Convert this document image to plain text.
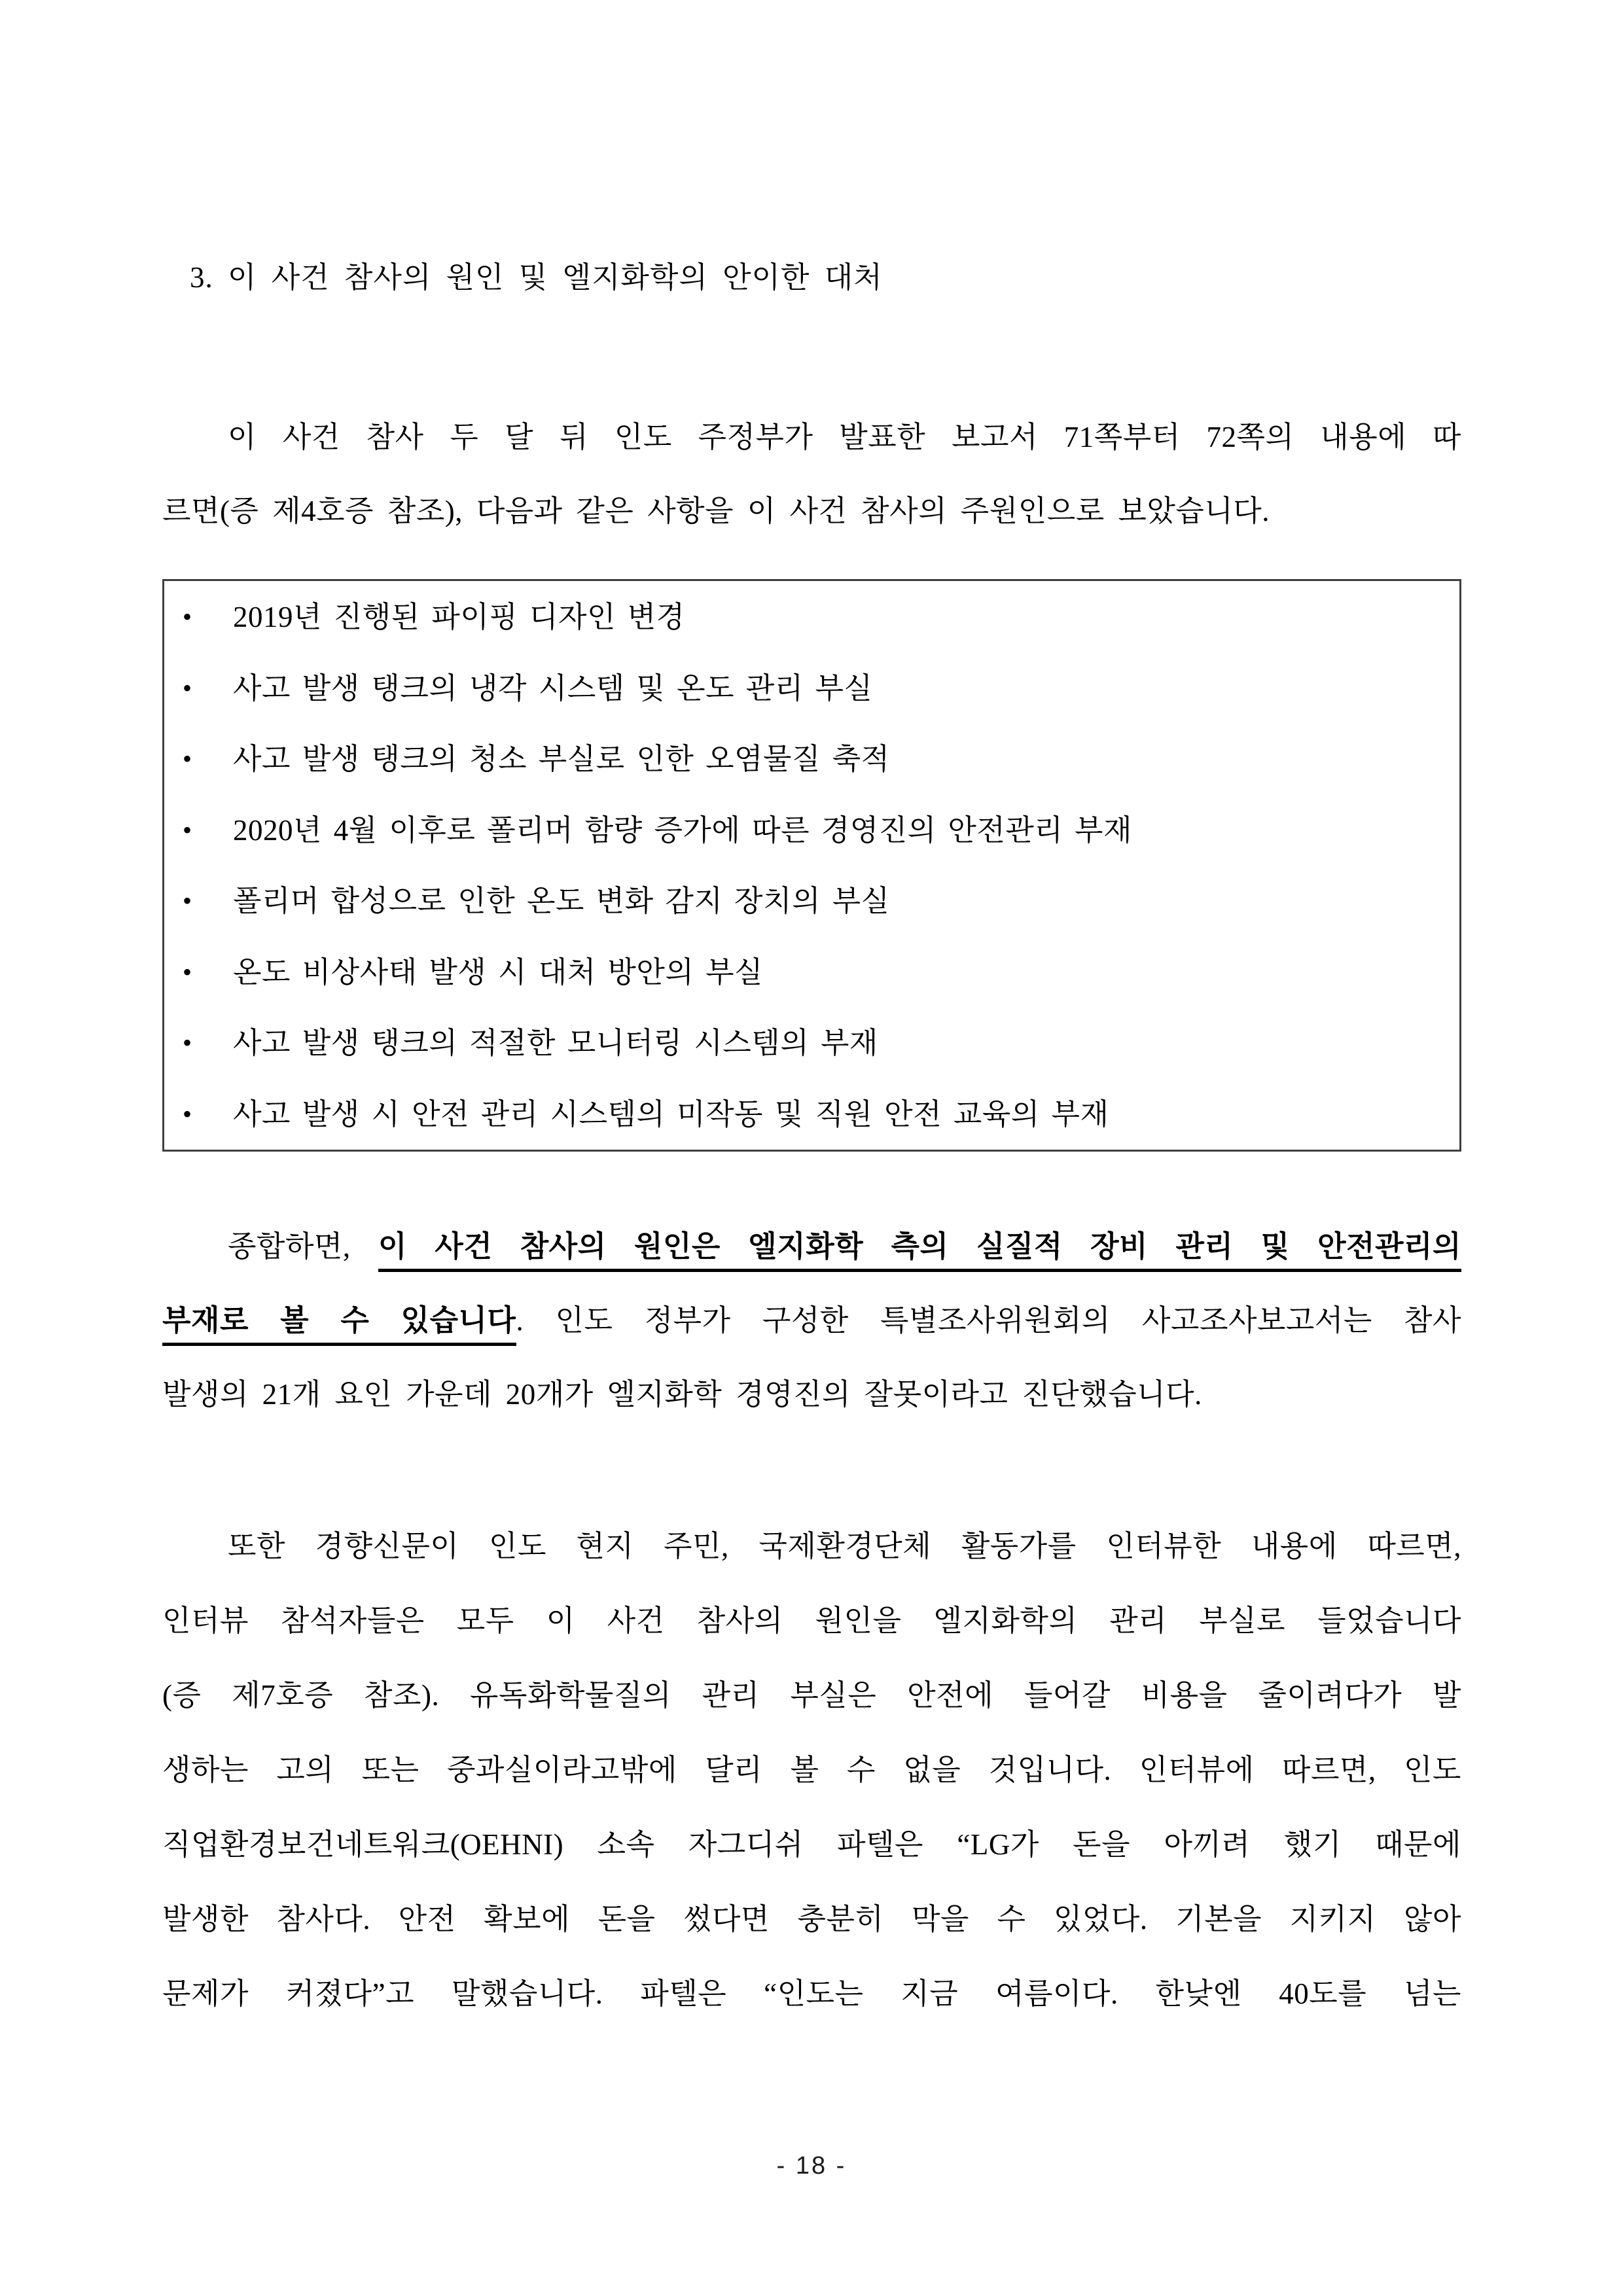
3. 이 사건 참사의 원인 및 엘지화학의 안이한 대처
이 사건 참사 두 달 뒤 인도 주정부가 발표한 보고서 71쪽부터 72쪽의 내용에 따
르면(증 제4호증 참조), 다음과 같은 사항을 이 사건 참사의 주원인으로 보았습니다.
• 2019년 진행된 파이핑 디자인 변경
• 사고 발생 탱크의 냉각 시스템 및 온도 관리 부실
• 사고 발생 탱크의 청소 부실로 인한 오염물질 축적
• 2020년 4월 이후로 폴리머 함량 증가에 따른 경영진의 안전관리 부재
• 폴리머 합성으로 인한 온도 변화 감지 장치의 부실
• 온도 비상사태 발생 시 대처 방안의 부실
• 사고 발생 탱크의 적절한 모니터링 시스템의 부재
• 사고 발생 시 안전 관리 시스템의 미작동 및 직원 안전 교육의 부재
종합하면, 이 사건 참사의 원인은 엘지화학 측의 실질적 장비 관리 및 안전관리의
부재로 볼 수 있습니다. 인도 정부가 구성한 특별조사위원회의 사고조사보고서는 참사
발생의 21개 요인 가운데 20개가 엘지화학 경영진의 잘못이라고 진단했습니다.
또한 경향신문이 인도 현지 주민, 국제환경단체 활동가를 인터뷰한 내용에 따르면,
인터뷰 참석자들은 모두 이 사건 참사의 원인을 엘지화학의 관리 부실로 들었습니다
(증 제7호증 참조). 유독화학물질의 관리 부실은 안전에 들어갈 비용을 줄이려다가 발
생하는 고의 또는 중과실이라고밖에 달리 볼 수 없을 것입니다. 인터뷰에 따르면, 인도
직업환경보건네트워크(OEHNI) 소속 자그디쉬 파텔은 “LG가 돈을 아끼려 했기 때문에
발생한 참사다. 안전 확보에 돈을 썼다면 충분히 막을 수 있었다. 기본을 지키지 않아
문제가 커졌다”고 말했습니다. 파텔은 “인도는 지금 여름이다. 한낮엔 40도를 넘는
- 18 -
